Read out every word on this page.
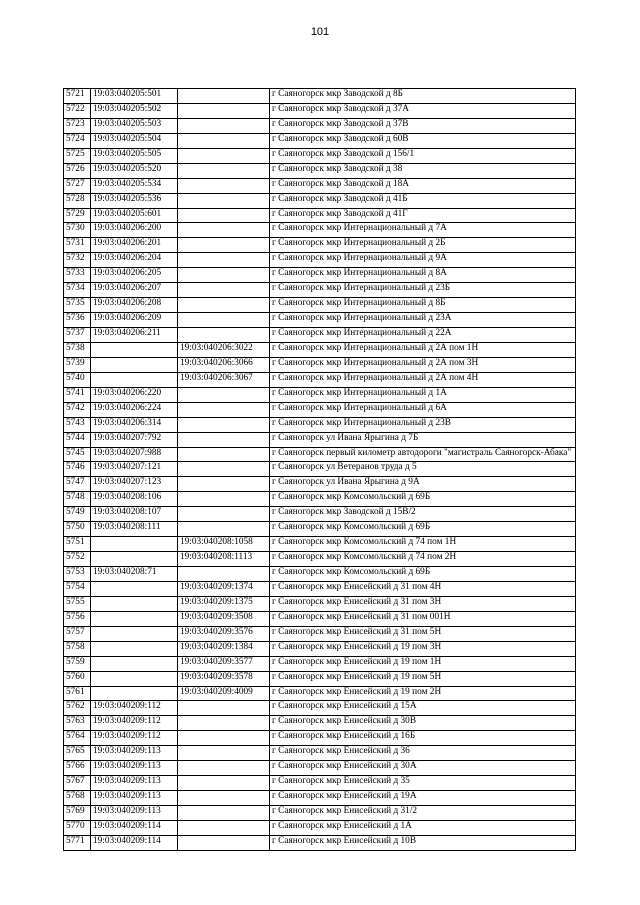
101
5721	19:03:040205:501		г Саяногорск мкр Заводской д 8Б
5722	19:03:040205:502		г Саяногорск мкр Заводской д 37А
5723	19:03:040205:503		г Саяногорск мкр Заводской д 37В
5724	19:03:040205:504		г Саяногорск мкр Заводской д 60В
5725	19:03:040205:505		г Саяногорск мкр Заводской д 156/1
5726	19:03:040205:520		г Саяногорск мкр Заводской д 38
5727	19:03:040205:534		г Саяногорск мкр Заводской д 18А
5728	19:03:040205:536		г Саяногорск мкр Заводской д 41Б
5729	19:03:040205:601		г Саяногорск мкр Заводской д 41Г
5730	19:03:040206:200		г Саяногорск мкр Интернациональный д 7А
5731	19:03:040206:201		г Саяногорск мкр Интернациональный д 2Б
5732	19:03:040206:204		г Саяногорск мкр Интернациональный д 9А
5733	19:03:040206:205		г Саяногорск мкр Интернациональный д 8А
5734	19:03:040206:207		г Саяногорск мкр Интернациональный д 23Б
5735	19:03:040206:208		г Саяногорск мкр Интернациональный д 8Б
5736	19:03:040206:209		г Саяногорск мкр Интернациональный д 23А
5737	19:03:040206:211		г Саяногорск мкр Интернациональный д 22А
5738		19:03:040206:3022	г Саяногорск мкр Интернациональный д 2А пом 1Н
5739		19:03:040206:3066	г Саяногорск мкр Интернациональный д 2А пом 3Н
5740		19:03:040206:3067	г Саяногорск мкр Интернациональный д 2А пом 4Н
5741	19:03:040206:220		г Саяногорск мкр Интернациональный д 1А
5742	19:03:040206:224		г Саяногорск мкр Интернациональный д 6А
5743	19:03:040206:314		г Саяногорск мкр Интернациональный д 23В
5744	19:03:040207:792		г Саяногорск ул Ивана Ярыгина д 7Б
5745	19:03:040207:988		г Саяногорск первый километр автодороги "магистраль Саяногорск-Абака"
5746	19:03:040207:121		г Саяногорск ул Ветеранов труда д 5
5747	19:03:040207:123		г Саяногорск ул Ивана Ярыгина д 9А
5748	19:03:040208:106		г Саяногорск мкр Комсомольский д 69Б
5749	19:03:040208:107		г Саяногорск мкр Заводской д 15В/2
5750	19:03:040208:111		г Саяногорск мкр Комсомольский д 69Б
5751		19:03:040208:1058	г Саяногорск мкр Комсомольский д 74 пом 1Н
5752		19:03:040208:1113	г Саяногорск мкр Комсомольский д 74 пом 2Н
5753	19:03:040208:71		г Саяногорск мкр Комсомольский д 69Б
5754		19:03:040209:1374	г Саяногорск мкр Енисейский д 31 пом 4Н
5755		19:03:040209:1375	г Саяногорск мкр Енисейский д 31 пом 3Н
5756		19:03:040209:3508	г Саяногорск мкр Енисейский д 31 пом 001Н
5757		19:03:040209:3576	г Саяногорск мкр Енисейский д 31 пом 5Н
5758		19:03:040209:1384	г Саяногорск мкр Енисейский д 19 пом 3Н
5759		19:03:040209:3577	г Саяногорск мкр Енисейский д 19 пом 1Н
5760		19:03:040209:3578	г Саяногорск мкр Енисейский д 19 пом 5Н
5761		19:03:040209:4009	г Саяногорск мкр Енисейский д 19 пом 2Н
5762	19:03:040209:112		г Саяногорск мкр Енисейский д 15А
5763	19:03:040209:112		г Саяногорск мкр Енисейский д 30В
5764	19:03:040209:112		г Саяногорск мкр Енисейский д 16Б
5765	19:03:040209:113		г Саяногорск мкр Енисейский д 36
5766	19:03:040209:113		г Саяногорск мкр Енисейский д 30А
5767	19:03:040209:113		г Саяногорск мкр Енисейский д 35
5768	19:03:040209:113		г Саяногорск мкр Енисейский д 19А
5769	19:03:040209:113		г Саяногорск мкр Енисейский д 31/2
5770	19:03:040209:114		г Саяногорск мкр Енисейский д 1А
5771	19:03:040209:114		г Саяногорск мкр Енисейский д 10В
